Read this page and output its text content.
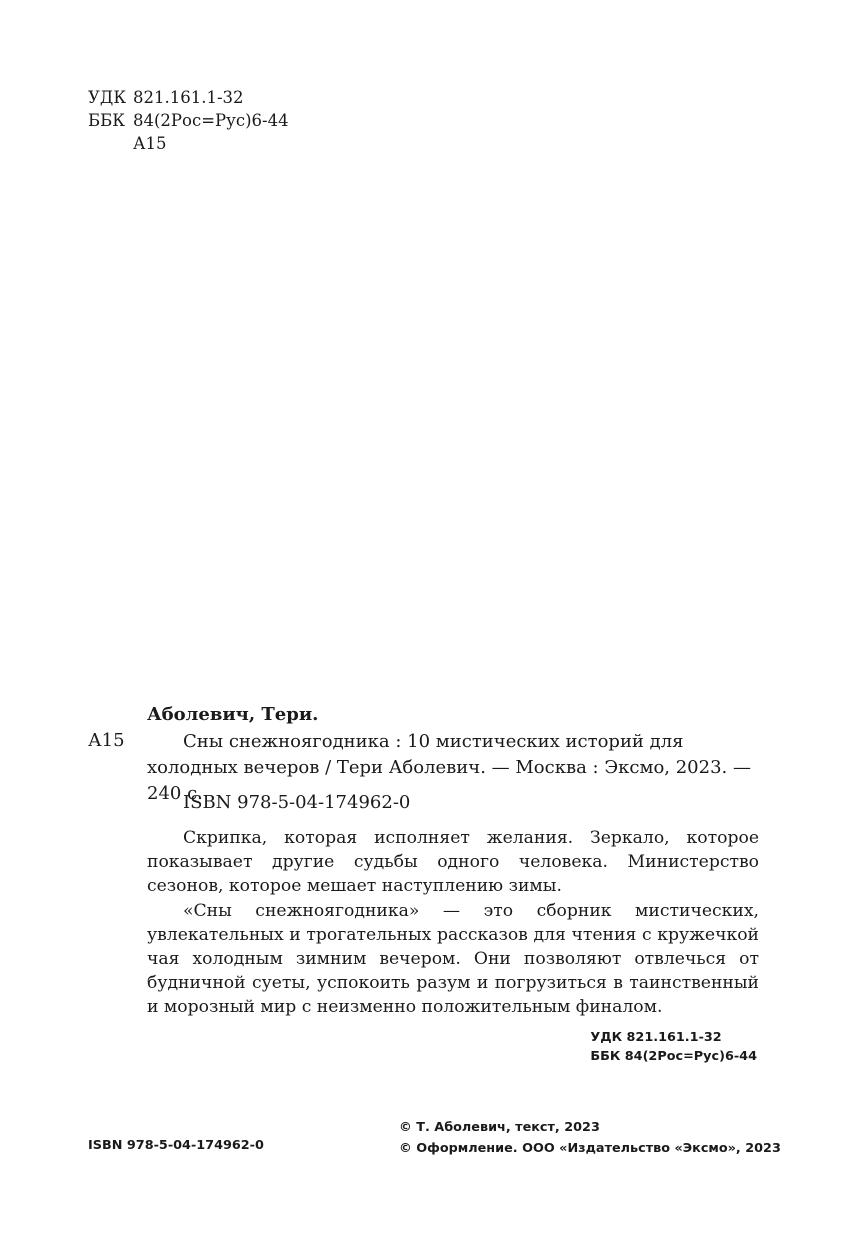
УДК 821.161.1-32
ББК 84(2Рос=Рус)6-44
А15
Аболевич, Тери.
А15	Сны снежноягодника : 10 мистических историй для холодных вечеров / Тери Аболевич. — Москва : Эксмо, 2023. — 240 с.
ISBN 978-5-04-174962-0

Скрипка, которая исполняет желания. Зеркало, которое показывает другие судьбы одного человека. Министерство сезонов, которое мешает наступлению зимы.

«Сны снежноягодника» — это сборник мистических, увлекательных и трогательных рассказов для чтения с кружечкой чая холодным зимним вечером. Они позволяют отвлечься от будничной суеты, успокоить разум и погрузиться в таинственный и морозный мир с неизменно положительным финалом.

УДК 821.161.1-32
ББК 84(2Рос=Рус)6-44
ISBN 978-5-04-174962-0
© Т. Аболевич, текст, 2023
© Оформление. ООО «Издательство «Эксмо», 2023
